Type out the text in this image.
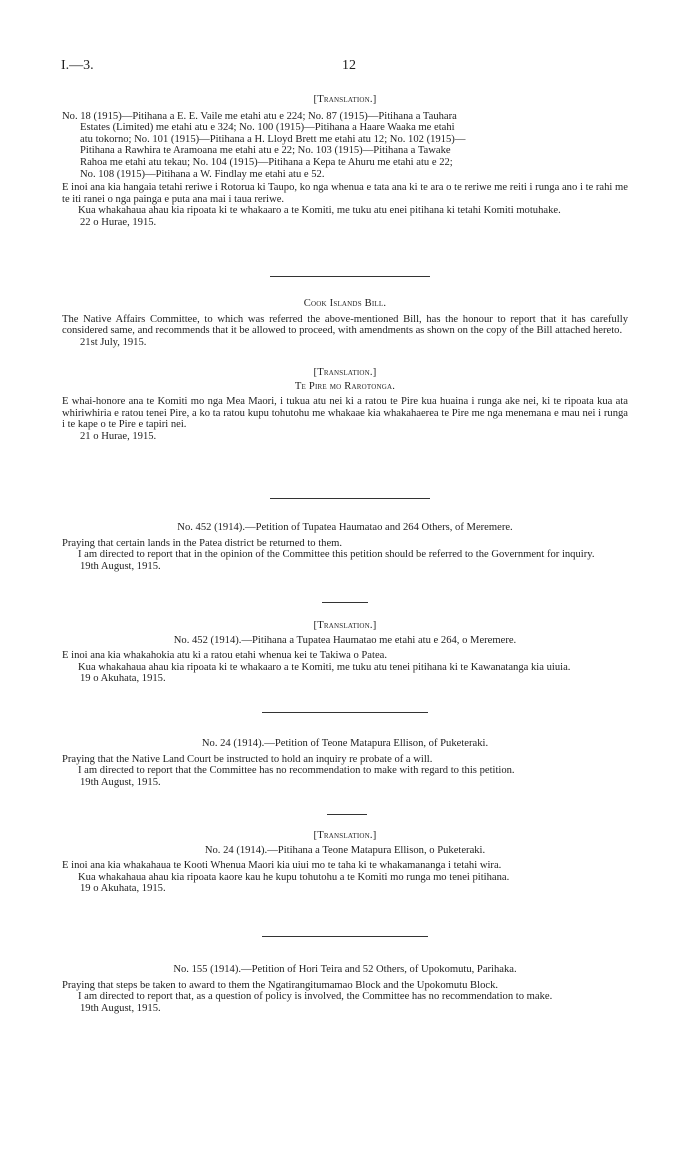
I.—3.	12

[Translation.]

No. 18 (1915)—Pitihana a E. E. Vaile me etahi atu e 224; No. 87 (1915)—Pitihana a Tauhara

Estates (Limited) me etahi atu e 324; No. 100 (1915)—Pitihana a Haare Waaka me etahi

atu tokorno; No. 101 (1915)—Pitihana a H. Lloyd Brett me etahi atu 12; No. 102 (1915)—

Pitihana a Rawhira te Aramoana me etahi atu e 22; No. 103 (1915)—Pitihana a Tawake

Rahoa me etahi atu tekau; No. 104 (1915)—Pitihana a Kepa te Ahuru me etahi atu e 22;

No. 108 (1915)—Pitihana a W. Findlay me etahi atu e 52.

E inoi ana kia hangaia tetahi reriwe i Rotorua ki Taupo, ko nga whenua e tata ana ki te ara o te reriwe me reiti i runga ano i te rahi me te iti ranei o nga painga e puta ana mai i taua reriwe.

Kua whakahaua ahau kia ripoata ki te whakaaro a te Komiti, me tuku atu enei pitihana ki tetahi Komiti motuhake.

22 o Hurae, 1915.

Cook Islands Bill.

The Native Affairs Committee, to which was referred the above-mentioned Bill, has the honour to report that it has carefully considered same, and recommends that it be allowed to proceed, with amendments as shown on the copy of the Bill attached hereto.

21st July, 1915.

[Translation.]

Te Pire mo Rarotonga.

E whai-honore ana te Komiti mo nga Mea Maori, i tukua atu nei ki a ratou te Pire kua huaina i runga ake nei, ki te ripoata kua ata whiriwhiria e ratou tenei Pire, a ko ta ratou kupu tohutohu me whakaae kia whakahaerea te Pire me nga menemana e mau nei i runga i te kape o te Pire e tapiri nei.

21 o Hurae, 1915.

No. 452 (1914).—Petition of Tupatea Haumatao and 264 Others, of Meremere.

Praying that certain lands in the Patea district be returned to them.

I am directed to report that in the opinion of the Committee this petition should be referred to the Government for inquiry.

19th August, 1915.

[Translation.]

No. 452 (1914).—Pitihana a Tupatea Haumatao me etahi atu e 264, o Meremere.

E inoi ana kia whakahokia atu ki a ratou etahi whenua kei te Takiwa o Patea.

Kua whakahaua ahau kia ripoata ki te whakaaro a te Komiti, me tuku atu tenei pitihana ki te Kawanatanga kia uiuia.

19 o Akuhata, 1915.

No. 24 (1914).—Petition of Teone Matapura Ellison, of Puketeraki.

Praying that the Native Land Court be instructed to hold an inquiry re probate of a will.

I am directed to report that the Committee has no recommendation to make with regard to this petition.

19th August, 1915.

[Translation.]

No. 24 (1914).—Pitihana a Teone Matapura Ellison, o Puketeraki.

E inoi ana kia whakahaua te Kooti Whenua Maori kia uiui mo te taha ki te whakamananga i tetahi wira.

Kua whakahaua ahau kia ripoata kaore kau he kupu tohutohu a te Komiti mo runga mo tenei pitihana.

19 o Akuhata, 1915.

No. 155 (1914).—Petition of Hori Teira and 52 Others, of Upokomutu, Parihaka.

Praying that steps be taken to award to them the Ngatirangitumamao Block and the Upokomutu Block.

I am directed to report that, as a question of policy is involved, the Committee has no recommendation to make.

19th August, 1915.
